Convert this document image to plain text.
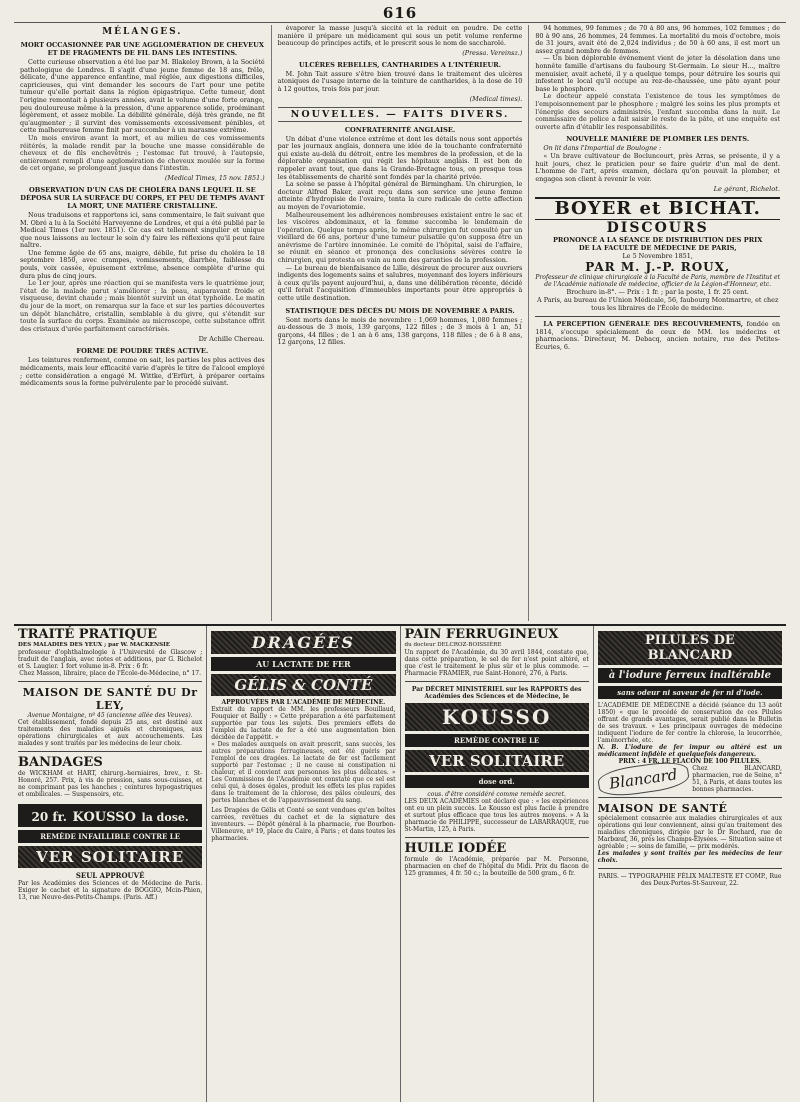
616
MÉLANGES.
MORT OCCASIONNÉE PAR UNE AGGLOMÉRATION DE CHEVEUX ET DE FRAGMENTS DE FIL DANS LES INTESTINS.

Cette curieuse observation a été lue par M. Blakeley Brown, à la Société pathologique de Londres. Il s'agit d'une jeune femme de 18 ans, frêle, délicate, d'une apparence enfantine, mal réglée, aux digestions difficiles, capricieuses, qui vint demander les secours de l'art pour une petite tumeur qu'elle portait dans la région épigastrique. Cette tumeur, dont l'origine remontait à plusieurs années, avait le volume d'une forte orange, peu douloureuse même à la pression, d'une apparence solide, proéminant légèrement, et assez mobile. La débilité générale, déjà très grande, ne fit qu'augmenter ; il survint des vomissements excessivement pénibles, et cette malheureuse femme finit par succomber à un marasme extrême.

Un mois environ avant la mort, et au milieu de ces vomissements réitérés, la malade rendit par la bouche une masse considérable de cheveux et de fils enchevêtrés ; l'estomac fut trouvé, à l'autopsie, entièrement rempli d'une agglomération de cheveux moulée sur la forme de cet organe, se prolongeant jusque dans l'intestin.

(Medical Times, 15 nov. 1851.)
OBSERVATION D'UN CAS DE CHOLÉRA DANS LEQUEL IL SE DÉPOSA SUR LA SURFACE DU CORPS, ET PEU DE TEMPS AVANT LA MORT, UNE MATIÈRE CRISTALLINE.

Nous traduisons et rapportons ici, sans commentaire, le fait suivant que M. Obré a lu à la Société Harveyenne de Londres, et qui a été publié par le Medical Times (1er nov. 1851). Ce cas est tellement singulier et unique que nous laissons au lecteur le soin d'y faire les réflexions qu'il peut faire naître.

Une femme âgée de 65 ans, maigre, débile, fut prise du choléra le 18 septembre 1850, avec crampes, vomissements, diarrhée, faiblesse du pouls, voix cassée, épuisement extrême, absence complète d'urine qui dura plus de cinq jours.

Le 1er jour, après une réaction qui se manifesta vers le quatrième jour, l'état de la malade parut s'améliorer ; la peau, auparavant froide et visqueuse, devint chaude ; mais bientôt survint un état typhoïde. Le matin du jour de la mort, on remarqua sur la face et sur les parties découvertes un dépôt blanchâtre, cristallin, semblable à du givre, qui s'étendit sur toute la surface du corps. Examinée au microscope, cette substance offrit des cristaux d'urée parfaitement caractérisés.

Dr Achille Chereau.
FORME DE POUDRE TRÈS ACTIVE.

Les teintures renferment, comme on sait, les parties les plus actives des médicaments, mais leur efficacité varie d'après le titre de l'alcool employé ; cette considération a engagé M. Wittke, d'Erfürt, à préparer certains médicaments sous la forme pulvérulente par le procédé suivant.

évaporer la masse jusqu'à siccité et la réduit en poudre. De cette manière il prépare un médicament qui sous un petit volume renferme beaucoup de principes actifs, et le prescrit sous le nom de saccharolé.

(Pressa. Vereinsz.)
ULCÈRES REBELLES, CANTHARIDES A L'INTÉRIEUR.

M. John Tait assure s'être bien trouvé dans le traitement des ulcères atoniques de l'usage interne de la teinture de cantharides, à la dose de 10 à 12 gouttes, trois fois par jour.

(Medical times).
NOUVELLES. — FAITS DIVERS.
CONFRATERNITÉ ANGLAISE.

Un débat d'une violence extrême et dont les détails nous sont apportés par les journaux anglais, donnera une idée de la touchante confraternité qui existe au-delà du détroit, entre les membres de la profession, et de la déplorable organisation qui régit les hôpitaux anglais. Il est bon de rappeler avant tout, que dans la Grande-Bretagne tous, on presque tous les établissements de charité sont fondés par la charité privée.

La scène se passe à l'hôpital général de Birmingham. Un chirurgien, le docteur Alfred Baker, avait reçu dans son service une jeune femme atteinte d'hydropisie de l'ovaire, tenta la cure radicale de cette affection au moyen de l'ovariotomie.

Malheureusement les adhérences nombreuses existaient entre le sac et les viscères abdominaux, et la femme succomba le lendemain de l'opération. Quelque temps après, le même chirurgien fut consulté par un vieillard de 66 ans, porteur d'une tumeur pulsatile qu'on supposa être un anévrisme de l'artère innominée. Le comité de l'hôpital, saisi de l'affaire, se réunit en séance et prononça des conclusions sévères contre le chirurgien, qui protesta en vain au nom des garanties de la profession.

— Le bureau de bienfaisance de Lille, désireux de procurer aux ouvriers indigents des logements sains et salubres, moyennant des loyers inférieurs à ceux qu'ils payent aujourd'hui, a, dans une délibération récente, décidé qu'il ferait l'acquisition d'immeubles importants pour être appropriés à cette utile destination.

STATISTIQUE DES DÉCÈS DU MOIS DE NOVEMBRE A PARIS.

Sont morts dans le mois de novembre : 1,069 hommes, 1,080 femmes ; au-dessous de 3 mois, 139 garçons, 122 filles ; de 3 mois à 1 an, 51 garçons, 44 filles ; de 1 an à 6 ans, 138 garçons, 118 filles ; de 6 à 8 ans, 12 garçons, 12 filles.

94 hommes, 99 femmes ; de 70 à 80 ans, 96 hommes, 102 femmes ; de 80 à 90 ans, 26 hommes, 24 femmes. La mortalité du mois d'octobre, mois de 31 jours, avait été de 2,024 individus ; de 50 à 60 ans, il est mort un assez grand nombre de femmes.

— Un bien déplorable événement vient de jeter la désolation dans une honnête famille d'artisans du faubourg St-Germain. Le sieur H..., maître menuisier, avait acheté, il y a quelque temps, pour détruire les souris qui infestent le local qu'il occupe au rez-de-chaussée, une pâte ayant pour base le phosphore.

Le docteur appelé constata l'existence de tous les symptômes de l'empoisonnement par le phosphore ; malgré les soins les plus prompts et l'énergie des secours administrés, l'enfant succomba dans la nuit. Le commissaire de police a fait saisir le reste de la pâte, et une enquête est ouverte afin d'établir les responsabilités.

NOUVELLE MANIÈRE DE PLOMBER LES DENTS.
On lit dans l'Impartial de Boulogne :

« Un brave cultivateur de Bocluncourt, près Arras, se présente, il y a huit jours, chez le praticien pour se faire guérir d'un mal de dent. L'homme de l'art, après examen, déclara qu'on pouvait la plomber, et engagea son client à revenir le voir.

Le gérant, Richelot.
BOYER et BICHAT.
DISCOURS
PRONONCÉ A LA SÉANCE DE DISTRIBUTION DES PRIX
DE LA FACULTÉ DE MÉDECINE DE PARIS,
Le 5 Novembre 1851,
PAR M. J.-P. ROUX,
Professeur de clinique chirurgicale à la Faculté de Paris, membre de l'Institut et de l'Académie nationale de médecine, officier de la Légion-d'Honneur, etc.
Brochure in-8°. — Prix : 1 fr. ; par la poste, 1 fr. 25 cent.
A Paris, au bureau de l'Union Médicale, 56, faubourg Montmartre, et chez tous les libraires de l'École de médecine.

LA PERCEPTION GÉNÉRALE DES RECOUVREMENTS, fondée en 1814, s'occupe spécialement de ceux de MM. les médecins et pharmaciens. Directeur, M. Debacq, ancien notaire, rue des Petites-Écuries, 6.

TRAITÉ PRATIQUE
DES MALADIES DES YEUX ; par W. MACKENSIE
professeur d'ophthalmologie à l'Université de Glascow ; traduit de l'anglais, avec notes et additions, par G. Richelot et S. Laugier. 1 fort volume in-8. Prix : 6 fr.
Chez Masson, libraire, place de l'École-de-Médecine, n° 17.
MAISON DE SANTÉ DU Dr LEY,
Avenue Montaigne, nº 45 (ancienne allée des Veuves).
Cet établissement, fondé depuis 25 ans, est destiné aux traitements des maladies aiguës et chroniques, aux opérations chirurgicales et aux accouchements. Les malades y sont traités par les médecins de leur choix.
BANDAGES
de WICKHAM et HART, chirurg.-herniaires, brev., r. St-Honoré, 257. Prix, à vis de pression, sans sous-cuisses, et ne comprimant pas les hanches ; ceintures hypogastriques et ombilicales. — Suspensoirs, etc.
20 fr. KOUSSO la dose.
REMÈDE INFAILLIBLE CONTRE LE
VER SOLITAIRE
SEUL APPROUVÉ
Par les Académies des Sciences et de Médecine de Paris. Exiger le cachet et la signature de BOGGIO, Mcin-Phien, 13, rue Neuve-des-Petits-Champs. (Paris. Aff.)
DRAGÉES
AU LACTATE DE FER
GÉLIS & CONTÉ
APPROUVÉES PAR L'ACADÉMIE DE MÉDECINE.
Extrait du rapport de MM. les professeurs Bouillaud, Fouquier et Bailly : « Cette préparation a été parfaitement supportée par tous les sujets. Des premiers effets de l'emploi du lactate de fer a été une augmentation bien décidée de l'appétit. »
« Des malades auxquels on avait prescrit, sans succès, les autres préparations ferrugineuses, ont été guéris par l'emploi de ces dragées. Le lactate de fer est facilement supporté par l'estomac ; il ne cause ni constipation ni chaleur, et il convient aux personnes les plus délicates. » Les Commissions de l'Académie ont constaté que ce sel est celui qui, à doses égales, produit les effets les plus rapides dans le traitement de la chlorose, des pâles couleurs, des pertes blanches et de l'appauvrissement du sang.
Les Dragées de Gélis et Conté se sont vendues qu'en boîtes carrées, revêtues du cachet et de la signature des inventeurs. — Dépôt général à la pharmacie, rue Bourbon-Villeneuve, nº 19, place du Caire, à Paris ; et dans toutes les pharmacies.
PAIN FERRUGINEUX
du docteur DELCROZ-BOISSIÈRE
Un rapport de l'Académie, du 30 avril 1844, constate que, dans cette préparation, le sel de fer n'est point altéré, et que c'est le traitement le plus sûr et le plus commode. — Pharmacie FRAMIER, rue Saint-Honoré, 276, à Paris.
Par DÉCRET MINISTÉRIEL sur les RAPPORTS des Académies des Sciences et de Médecine, le
KOUSSO
REMÈDE CONTRE LE
VER SOLITAIRE
dose ord.
cous. d'être considéré comme remède secret.
LES DEUX ACADÉMIES ont déclaré que : « les expériences ont eu un plein succès. Le Kousso est plus facile à prendre et surtout plus efficace que tous les autres moyens. » A la pharmacie de PHILIPPE, successeur de LABARRAQUE, rue St-Martin, 125, à Paris.
HUILE IODÉE
formule de l'Académie, préparée par M. Personne, pharmacien en chef de l'hôpital du Midi. Prix du flacon de 125 grammes, 4 fr. 50 c.; la bouteille de 500 gram., 6 fr.
PILULES DE BLANCARD
à l'iodure ferreux inaltérable
sans odeur ni saveur de fer ni d'iode.
L'ACADÉMIE DE MÉDECINE a décidé (séance du 13 août 1850) « que le procédé de conservation de ces Pilules offrant de grands avantages, serait publié dans le Bulletin de ses travaux. » Les principaux ouvrages de médecine indiquent l'iodure de fer contre la chlorose, la leucorrhée, l'aménorrhée, etc.
N. B. L'iodure de fer impur ou altéré est un médicament infidèle et quelquefois dangereux.
PRIX : 4 FR. LE FLACON DE 100 PILULES.
Blancard	Chez BLANCARD, pharmacien, rue de Seine, n° 51, à Paris, et dans toutes les bonnes pharmacies.
MAISON DE SANTÉ
spécialement consacrée aux maladies chirurgicales et aux opérations qui leur conviennent, ainsi qu'au traitement des maladies chroniques, dirigée par le Dr Rochard, rue de Marbœuf, 36, près les Champs-Élysées. — Situation saine et agréable ; — soins de famille, — prix modérés.
Les malades y sont traités par les médecins de leur choix.
PARIS. — TYPOGRAPHIE FÉLIX MALTESTE ET COMP., Rue des Deux-Portes-St-Sauveur, 22.
